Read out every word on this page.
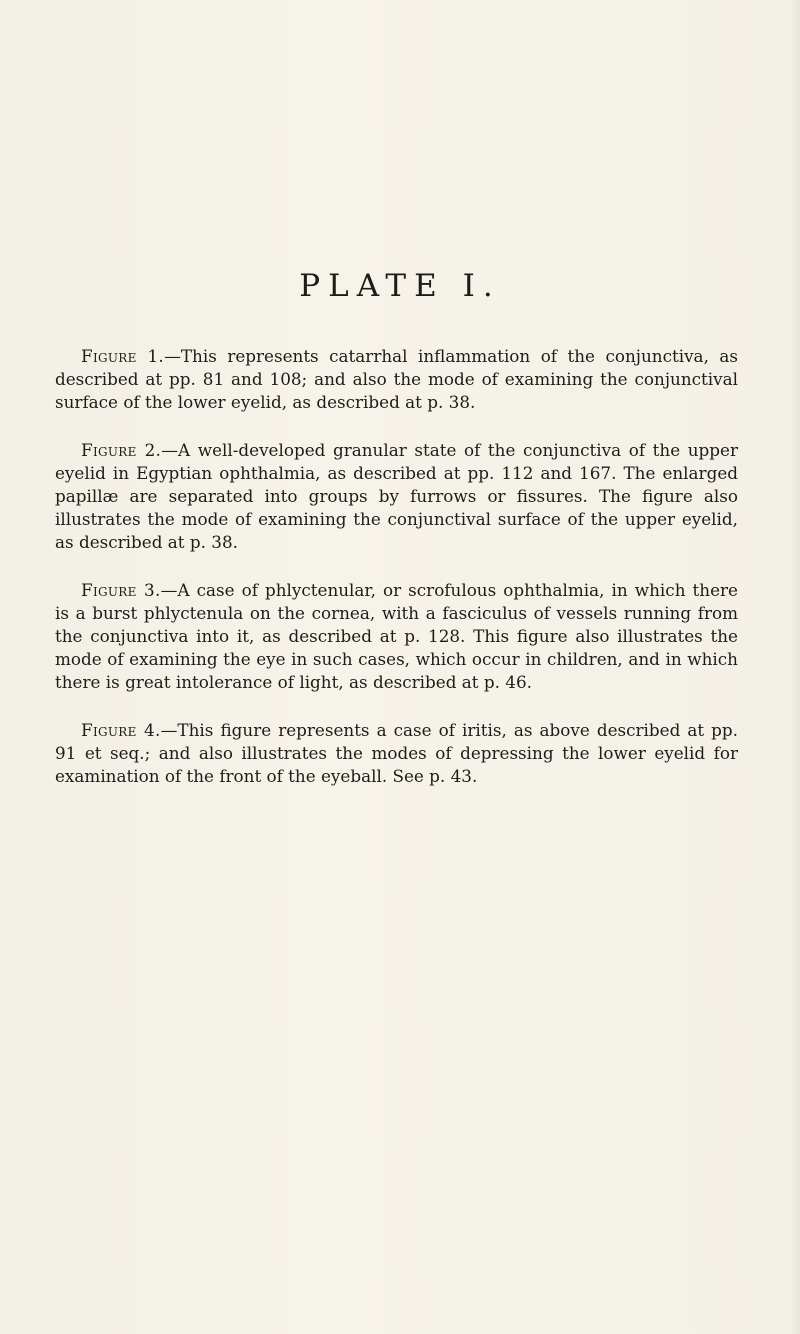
PLATE I.

Figure 1.—This represents catarrhal inflammation of the conjunctiva, as described at pp. 81 and 108; and also the mode of examining the conjunctival surface of the lower eyelid, as described at p. 38.

Figure 2.—A well-developed granular state of the conjunctiva of the upper eyelid in Egyptian ophthalmia, as described at pp. 112 and 167. The enlarged papillæ are separated into groups by furrows or fissures. The figure also illustrates the mode of examining the conjunctival surface of the upper eyelid, as described at p. 38.

Figure 3.—A case of phlyctenular, or scrofulous ophthalmia, in which there is a burst phlyctenula on the cornea, with a fasciculus of vessels running from the conjunctiva into it, as described at p. 128. This figure also illustrates the mode of examining the eye in such cases, which occur in children, and in which there is great intolerance of light, as described at p. 46.

Figure 4.—This figure represents a case of iritis, as above described at pp. 91 et seq.; and also illustrates the modes of depressing the lower eyelid for examination of the front of the eyeball. See p. 43.
